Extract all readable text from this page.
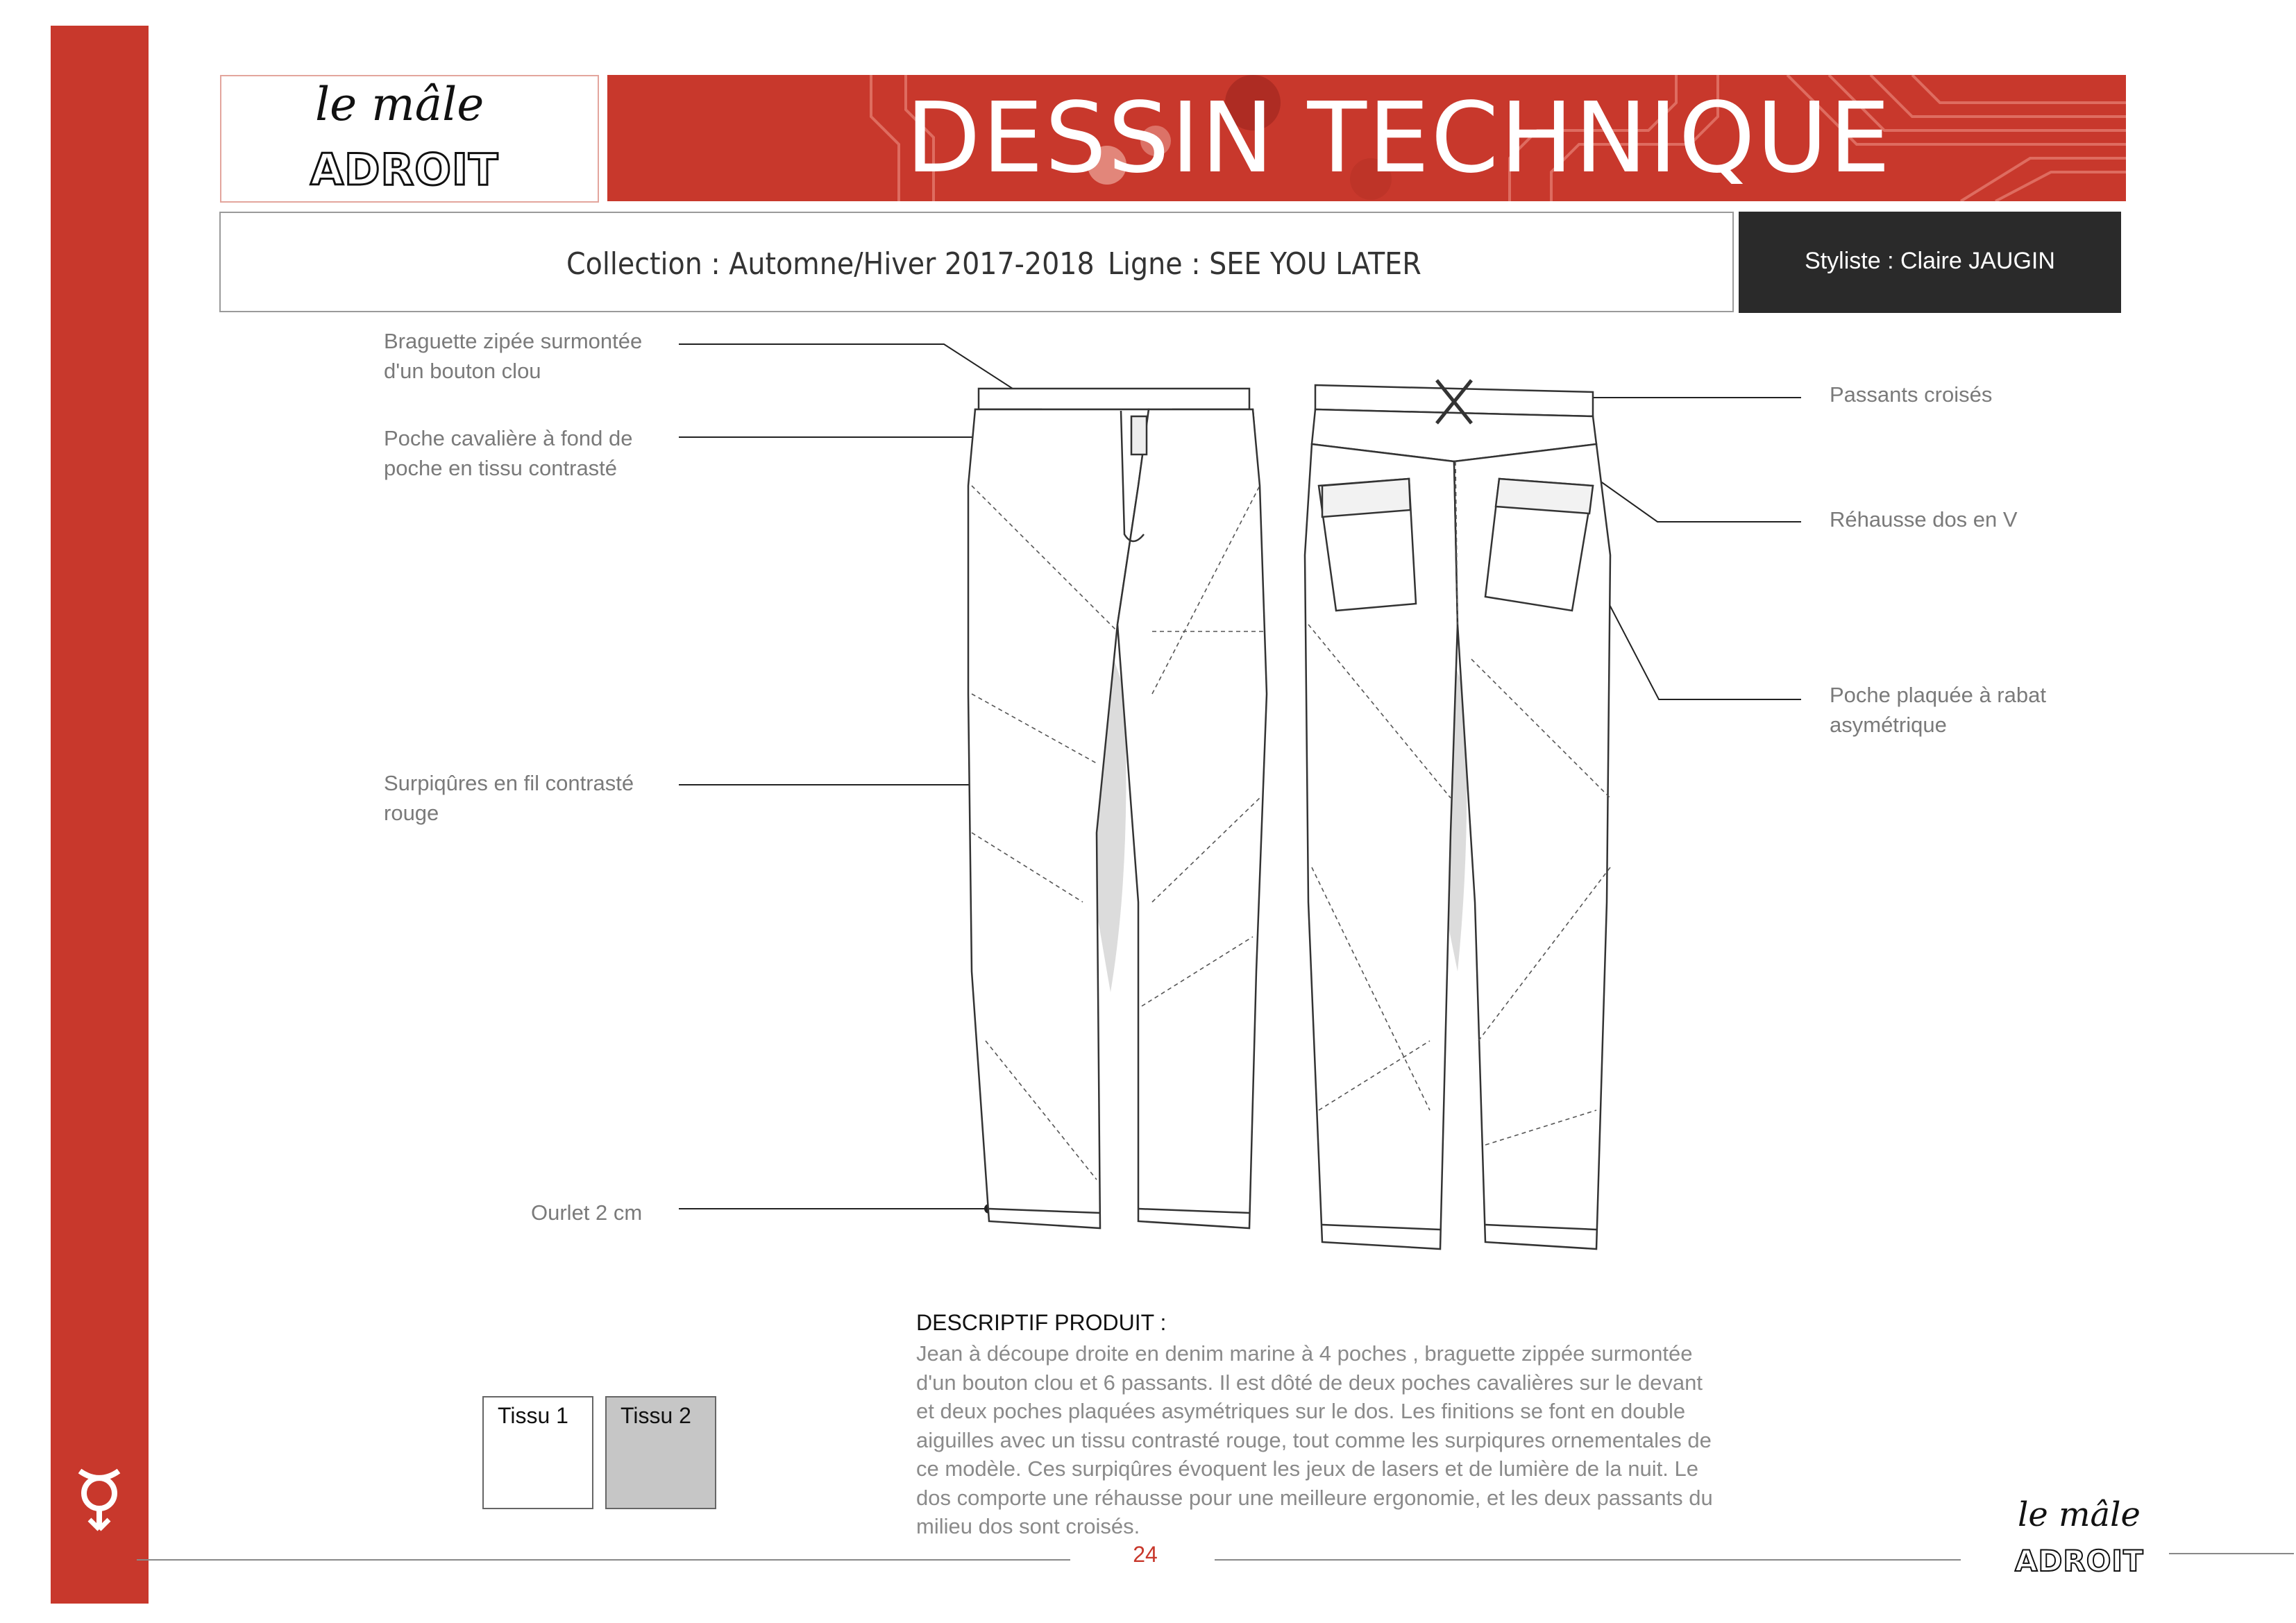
le mâle
ADROIT	DESSIN TECHNIQUE
Collection : Automne/Hiver 2017-2018 Ligne : SEE YOU LATER	Styliste : Claire JAUGIN
Braguette zipée surmontée
d'un bouton clou
Poche cavalière à fond de
poche en tissu contrasté
Surpiqûres en fil contrasté
rouge
Ourlet 2 cm
Passants croisés
Réhausse dos en V
Poche plaquée à rabat
asymétrique
DESCRIPTIF PRODUIT :
Jean à découpe droite en denim marine à 4 poches , braguette zippée surmontée
d'un bouton clou et 6 passants. Il est dôté de deux poches cavalières sur le devant
et deux poches plaquées asymétriques sur le dos. Les finitions se font en double
aiguilles avec un tissu contrasté rouge, tout comme les surpiqures ornementales de
ce modèle. Ces surpiqûres évoquent les jeux de lasers et de lumière de la nuit. Le
dos comporte une réhausse pour une meilleure ergonomie, et les deux passants du
milieu dos sont croisés.
Tissu 1 Tissu 2
24
le mâle
ADROIT
